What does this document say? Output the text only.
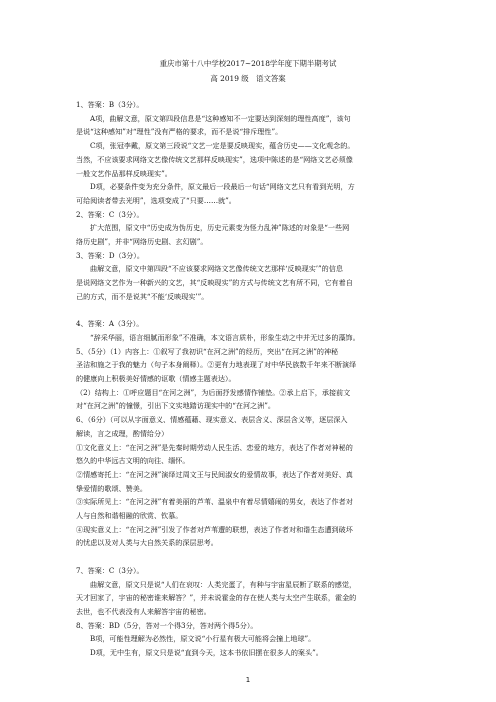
重庆市第十八中学校2017~2018学年度下期半期考试
高 2019 级　语文答案

1、答案：B（3分）。

A项，曲解文意，原文第四段信息是“这种感知不一定要达到深刻的理性高度”，该句

是说“这种感知”对“理性”没有严格的要求，而不是说“排斥理性”。

C项，张冠李戴，原文第三段说“文艺一定是要反映现实，蕴含历史——文化观念的。

当然，不应该要求网络文艺像传统文艺那样反映现实”，选项中陈述的是“网络文艺必须像

一般文艺作品那样反映现实”。

D项，必要条件变为充分条件，原文最后一段最后一句话“网络文艺只有看到光明，方

可给阅读者带去光明”，选项变成了“只要……就”。

2、答案：C（3分）。

扩大范围，原文中“历史成为伪历史，历史元素变为怪力乱神”陈述的对象是“一些网

络历史剧”，并非“网络历史剧、玄幻剧”。

3、答案：D（3分）。

曲解文意，原文中第四段“不应该要求网络文艺像传统文艺那样‘反映现实’”的信息

是说网络文艺作为一种新兴的文艺，其“反映现实”的方式与传统文艺有所不同，它有着自

己的方式，而不是说其“不能‘反映现实’”。

4、答案：A（3分）。

“辞采华丽，语言细腻而形象”不准确，本文语言质朴，形象生动之中并无过多的藻饰。

5、（5分）（1）内容上：①叙写了我初识“在河之洲”的经历，突出“在河之洲”的神秘

圣洁和施之于我的魅力（句子本身阐释）。②更有力地表现了对中华民族数千年来不断演绎

的健康向上积极美好情感的讴歌（情感主题表达）。

（2）结构上：①呼应题目“在河之洲”，为后面抒发感情作铺垫。②承上启下，承接前文

对“在河之洲”的憧憬，引出下文实地踏访现实中的“在河之洲”。

6、（6分）（可以从字面意义、情感蕴藉、现实意义、表层含义、深层含义等，逐层深入

解读，言之成理，酌情给分）

①文化意义上：“在河之洲”是先秦时期劳动人民生活、恋爱的地方，表达了作者对神秘的

悠久的中华远古文明的向往、缅怀。

②情感寄托上：“在河之洲”演绎过周文王与民间淑女的爱情故事，表达了作者对美好、真

挚爱情的歌颂、赞美。

③实际所见上：“在河之洲”有着美丽的芦苇、温泉中有着尽情嬉闹的男女，表达了作者对

人与自然和谐相融的欣赏、钦慕。

④现实意义上：“在河之洲”引发了作者对芦苇遭的联想，表达了作者对和谐生态遭到破坏

的忧虑以及对人类与大自然关系的深层思考。

7、答案：C（3分）。

曲解文意，原文只是说“人们在哀叹：人类完蛋了，有种与宇宙星辰断了联系的感觉，

天才回家了，宇宙的秘密谁来解答？”，并未说霍金的存在使人类与太空产生联系，霍金的

去世，也不代表没有人来解答宇宙的秘密。

8、答案：BD（5分，答对一个得3分，答对两个得5分）。

B项，可能性理解为必然性，原文说“小行星有极大可能将会撞上地球”。

D项，无中生有，原文只是说“直到今天，这本书依旧摆在很多人的案头”。

1
